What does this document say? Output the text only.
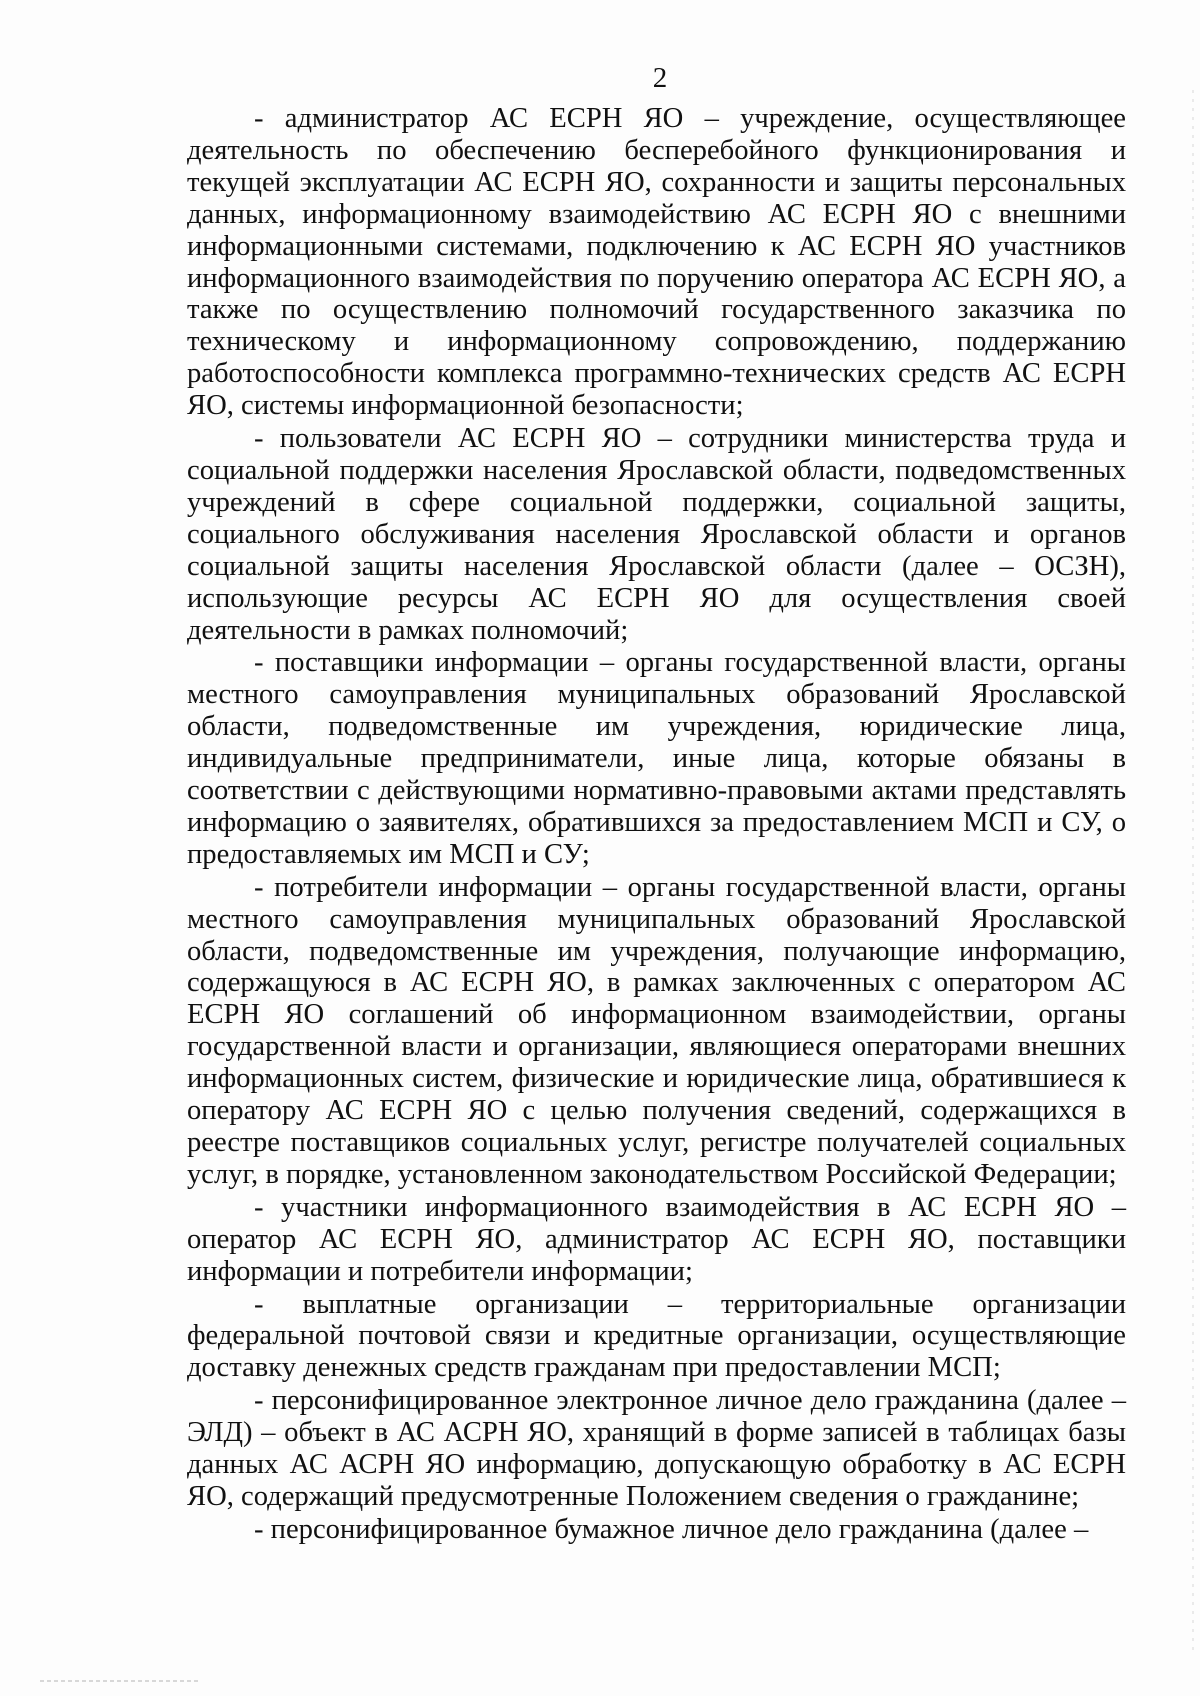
2

- администратор АС ЕСРН ЯО – учреждение, осуществляющее деятельность по обеспечению бесперебойного функционирования и текущей эксплуатации АС ЕСРН ЯО, сохранности и защиты персональных данных, информационному взаимодействию АС ЕСРН ЯО с внешними информационными системами, подключению к АС ЕСРН ЯО участников информационного взаимодействия по поручению оператора АС ЕСРН ЯО, а также по осуществлению полномочий государственного заказчика по техническому и информационному сопровождению, поддержанию работоспособности комплекса программно-технических средств АС ЕСРН ЯО, системы информационной безопасности;

- пользователи АС ЕСРН ЯО – сотрудники министерства труда и социальной поддержки населения Ярославской области, подведомственных учреждений в сфере социальной поддержки, социальной защиты, социального обслуживания населения Ярославской области и органов социальной защиты населения Ярославской области (далее – ОСЗН), использующие ресурсы АС ЕСРН ЯО для осуществления своей деятельности в рамках полномочий;

- поставщики информации – органы государственной власти, органы местного самоуправления муниципальных образований Ярославской области, подведомственные им учреждения, юридические лица, индивидуальные предприниматели, иные лица, которые обязаны в соответствии с действующими нормативно-правовыми актами представлять информацию о заявителях, обратившихся за предоставлением МСП и СУ, о предоставляемых им МСП и СУ;

- потребители информации – органы государственной власти, органы местного самоуправления муниципальных образований Ярославской области, подведомственные им учреждения, получающие информацию, содержащуюся в АС ЕСРН ЯО, в рамках заключенных с оператором АС ЕСРН ЯО соглашений об информационном взаимодействии, органы государственной власти и организации, являющиеся операторами внешних информационных систем, физические и юридические лица, обратившиеся к оператору АС ЕСРН ЯО с целью получения сведений, содержащихся в реестре поставщиков социальных услуг, регистре получателей социальных услуг, в порядке, установленном законодательством Российской Федерации;

- участники информационного взаимодействия в АС ЕСРН ЯО – оператор АС ЕСРН ЯО, администратор АС ЕСРН ЯО, поставщики информации и потребители информации;

- выплатные организации – территориальные организации федеральной почтовой связи и кредитные организации, осуществляющие доставку денежных средств гражданам при предоставлении МСП;

- персонифицированное электронное личное дело гражданина (далее – ЭЛД) – объект в АС АСРН ЯО, хранящий в форме записей в таблицах базы данных АС АСРН ЯО информацию, допускающую обработку в АС ЕСРН ЯО, содержащий предусмотренные Положением сведения о гражданине;

- персонифицированное бумажное личное дело гражданина (далее –
